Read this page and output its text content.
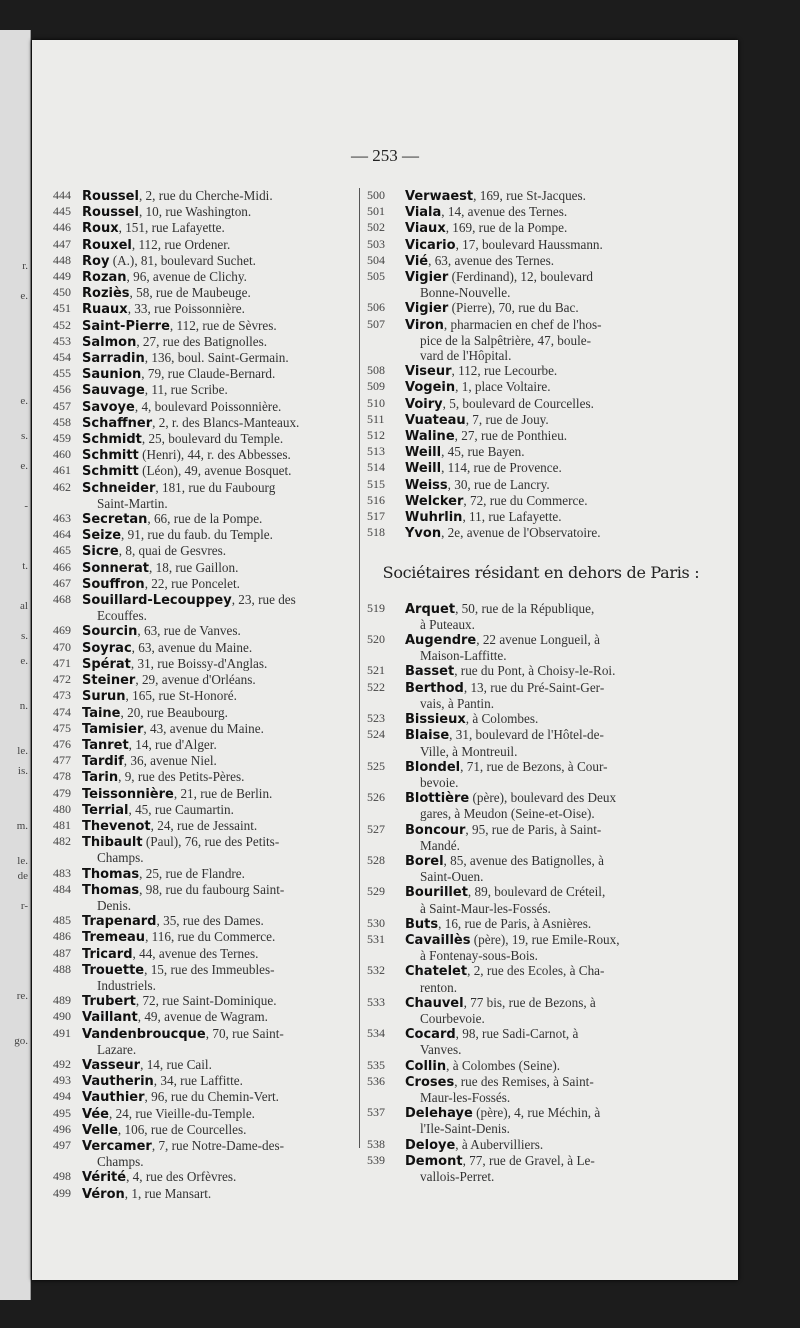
r.
e.
e.
s.
e.
-
t.
al
s.
e.
n.
le.
is.
m.
le.
de
r-
re.
go.
— 253 —
444 Roussel, 2, rue du Cherche-Midi.
445 Roussel, 10, rue Washington.
446 Roux, 151, rue Lafayette.
447 Rouxel, 112, rue Ordener.
448 Roy (A.), 81, boulevard Suchet.
449 Rozan, 96, avenue de Clichy.
450 Roziès, 58, rue de Maubeuge.
451 Ruaux, 33, rue Poissonnière.
452 Saint-Pierre, 112, rue de Sèvres.
453 Salmon, 27, rue des Batignolles.
454 Sarradin, 136, boul. Saint-Germain.
455 Saunion, 79, rue Claude-Bernard.
456 Sauvage, 11, rue Scribe.
457 Savoye, 4, boulevard Poissonnière.
458 Schaffner, 2, r. des Blancs-Manteaux.
459 Schmidt, 25, boulevard du Temple.
460 Schmitt (Henri), 44, r. des Abbesses.
461 Schmitt (Léon), 49, avenue Bosquet.
462 Schneider, 181, rue du Faubourg
Saint-Martin.
463 Secretan, 66, rue de la Pompe.
464 Seize, 91, rue du faub. du Temple.
465 Sicre, 8, quai de Gesvres.
466 Sonnerat, 18, rue Gaillon.
467 Souffron, 22, rue Poncelet.
468 Souillard-Lecouppey, 23, rue des
Ecouffes.
469 Sourcin, 63, rue de Vanves.
470 Soyrac, 63, avenue du Maine.
471 Spérat, 31, rue Boissy-d'Anglas.
472 Steiner, 29, avenue d'Orléans.
473 Surun, 165, rue St-Honoré.
474 Taine, 20, rue Beaubourg.
475 Tamisier, 43, avenue du Maine.
476 Tanret, 14, rue d'Alger.
477 Tardif, 36, avenue Niel.
478 Tarin, 9, rue des Petits-Pères.
479 Teissonnière, 21, rue de Berlin.
480 Terrial, 45, rue Caumartin.
481 Thevenot, 24, rue de Jessaint.
482 Thibault (Paul), 76, rue des Petits-
Champs.
483 Thomas, 25, rue de Flandre.
484 Thomas, 98, rue du faubourg Saint-
Denis.
485 Trapenard, 35, rue des Dames.
486 Tremeau, 116, rue du Commerce.
487 Tricard, 44, avenue des Ternes.
488 Trouette, 15, rue des Immeubles-
Industriels.
489 Trubert, 72, rue Saint-Dominique.
490 Vaillant, 49, avenue de Wagram.
491 Vandenbroucque, 70, rue Saint-
Lazare.
492 Vasseur, 14, rue Cail.
493 Vautherin, 34, rue Laffitte.
494 Vauthier, 96, rue du Chemin-Vert.
495 Vée, 24, rue Vieille-du-Temple.
496 Velle, 106, rue de Courcelles.
497 Vercamer, 7, rue Notre-Dame-des-
Champs.
498 Vérité, 4, rue des Orfèvres.
499 Véron, 1, rue Mansart.
500 Verwaest, 169, rue St-Jacques.
501 Viala, 14, avenue des Ternes.
502 Viaux, 169, rue de la Pompe.
503 Vicario, 17, boulevard Haussmann.
504 Vié, 63, avenue des Ternes.
505 Vigier (Ferdinand), 12, boulevard
Bonne-Nouvelle.
506 Vigier (Pierre), 70, rue du Bac.
507 Viron, pharmacien en chef de l'hos-
pice de la Salpêtrière, 47, boule-
vard de l'Hôpital.
508 Viseur, 112, rue Lecourbe.
509 Vogein, 1, place Voltaire.
510 Voiry, 5, boulevard de Courcelles.
511 Vuateau, 7, rue de Jouy.
512 Waline, 27, rue de Ponthieu.
513 Weill, 45, rue Bayen.
514 Weill, 114, rue de Provence.
515 Weiss, 30, rue de Lancry.
516 Welcker, 72, rue du Commerce.
517 Wuhrlin, 11, rue Lafayette.
518 Yvon, 2e, avenue de l'Observatoire.
Sociétaires résidant en dehors de Paris :
519 Arquet, 50, rue de la République,
à Puteaux.
520 Augendre, 22 avenue Longueil, à
Maison-Laffitte.
521 Basset, rue du Pont, à Choisy-le-Roi.
522 Berthod, 13, rue du Pré-Saint-Ger-
vais, à Pantin.
523 Bissieux, à Colombes.
524 Blaise, 31, boulevard de l'Hôtel-de-
Ville, à Montreuil.
525 Blondel, 71, rue de Bezons, à Cour-
bevoie.
526 Blottière (père), boulevard des Deux
gares, à Meudon (Seine-et-Oise).
527 Boncour, 95, rue de Paris, à Saint-
Mandé.
528 Borel, 85, avenue des Batignolles, à
Saint-Ouen.
529 Bourillet, 89, boulevard de Créteil,
à Saint-Maur-les-Fossés.
530 Buts, 16, rue de Paris, à Asnières.
531 Cavaillès (père), 19, rue Emile-Roux,
à Fontenay-sous-Bois.
532 Chatelet, 2, rue des Ecoles, à Cha-
renton.
533 Chauvel, 77 bis, rue de Bezons, à
Courbevoie.
534 Cocard, 98, rue Sadi-Carnot, à
Vanves.
535 Collin, à Colombes (Seine).
536 Croses, rue des Remises, à Saint-
Maur-les-Fossés.
537 Delehaye (père), 4, rue Méchin, à
l'Ile-Saint-Denis.
538 Deloye, à Aubervilliers.
539 Demont, 77, rue de Gravel, à Le-
vallois-Perret.
